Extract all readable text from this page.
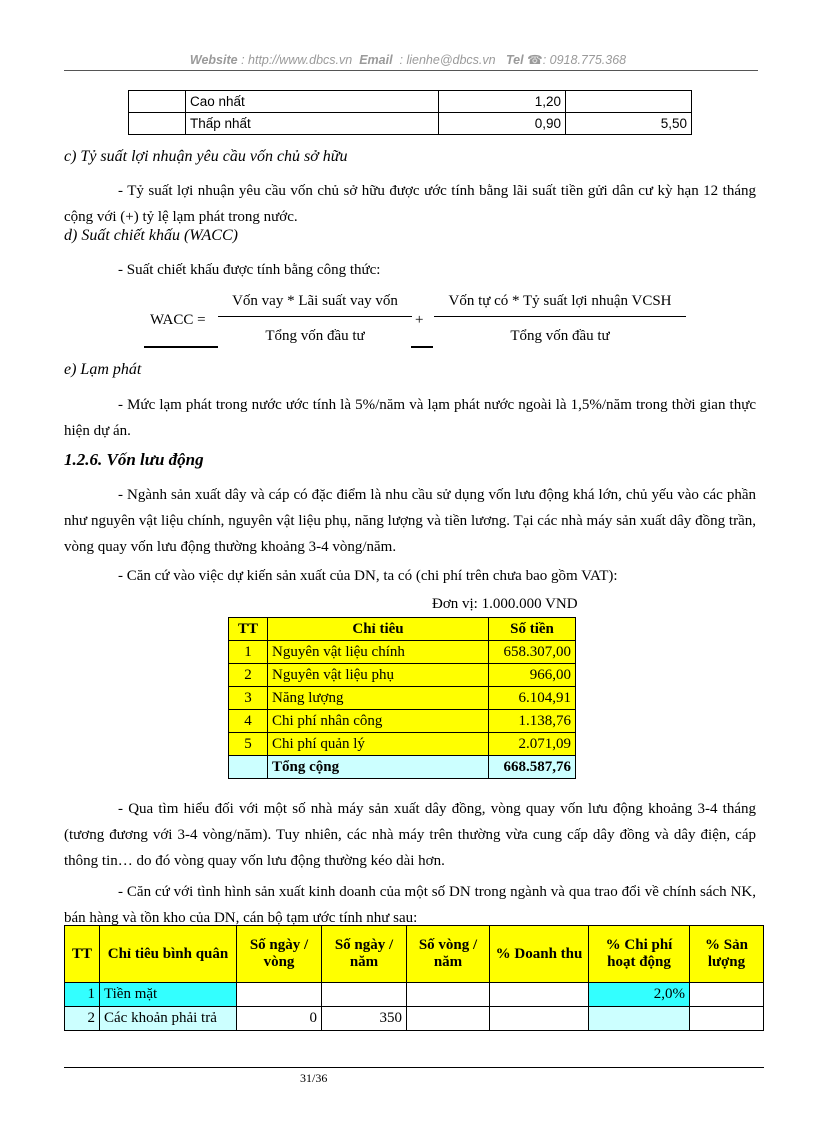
Website : http://www.dbcs.vn Email : lienhe@dbcs.vn Tel ☎: 0918.775.368
	Cao nhất	1,20	
	Thấp nhất	0,90	5,50
c) Tỷ suất lợi nhuận yêu cầu vốn chủ sở hữu
- Tỷ suất lợi nhuận yêu cầu vốn chủ sở hữu được ước tính bằng lãi suất tiền gửi dân cư kỳ hạn 12 tháng cộng với (+) tỷ lệ lạm phát trong nước.
d) Suất chiết khấu (WACC)
- Suất chiết khấu được tính bằng công thức:
WACC =
Vốn vay * Lãi suất vay vốn
Tổng vốn đầu tư
+
Vốn tự có * Tỷ suất lợi nhuận VCSH
Tổng vốn đầu tư
e) Lạm phát
- Mức lạm phát trong nước ước tính là 5%/năm và lạm phát nước ngoài là 1,5%/năm trong thời gian thực hiện dự án.
1.2.6. Vốn lưu động
- Ngành sản xuất dây và cáp có đặc điểm là nhu cầu sử dụng vốn lưu động khá lớn, chủ yếu vào các phần như nguyên vật liệu chính, nguyên vật liệu phụ, năng lượng và tiền lương. Tại các nhà máy sản xuất dây đồng trần, vòng quay vốn lưu động thường khoảng 3-4 vòng/năm.
- Căn cứ vào việc dự kiến sản xuất của DN, ta có (chi phí trên chưa bao gồm VAT):
Đơn vị: 1.000.000 VND
TT	Chỉ tiêu	Số tiền
1	Nguyên vật liệu chính	658.307,00
2	Nguyên vật liệu phụ	966,00
3	Năng lượng	6.104,91
4	Chi phí nhân công	1.138,76
5	Chi phí quản lý	2.071,09
	Tổng cộng	668.587,76
- Qua tìm hiểu đối với một số nhà máy sản xuất dây đồng, vòng quay vốn lưu động khoảng 3-4 tháng (tương đương với 3-4 vòng/năm). Tuy nhiên, các nhà máy trên thường vừa cung cấp dây đồng và dây điện, cáp thông tin… do đó vòng quay vốn lưu động thường kéo dài hơn.
- Căn cứ với tình hình sản xuất kinh doanh của một số DN trong ngành và qua trao đổi về chính sách NK, bán hàng và tồn kho của DN, cán bộ tạm ước tính như sau:
TT	Chỉ tiêu bình quân	Số ngày / vòng	Số ngày / năm	Số vòng / năm	% Doanh thu	% Chi phí hoạt động	% Sản lượng
1	Tiền mặt					2,0%	
2	Các khoản phải trả	0	350				
31/36
